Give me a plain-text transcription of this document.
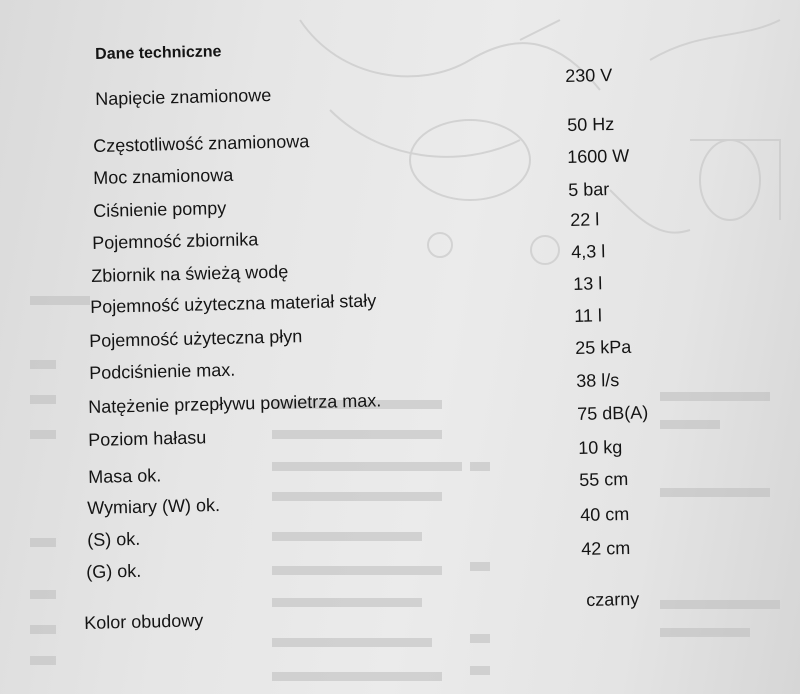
Dane techniczne
Napięcie znamionowe
230 V
Częstotliwość znamionowa
50 Hz
Moc znamionowa
1600 W
Ciśnienie pompy
5 bar
Pojemność zbiornika
22 l
Zbiornik na świeżą wodę
4,3 l
Pojemność użyteczna materiał stały
13 l
Pojemność użyteczna płyn
11 l
Podciśnienie max.
25 kPa
Natężenie przepływu powietrza max.
38 l/s
Poziom hałasu
75 dB(A)
Masa ok.
10 kg
Wymiary (W) ok.
55 cm
(S) ok.
40 cm
(G) ok.
42 cm
Kolor obudowy
czarny
